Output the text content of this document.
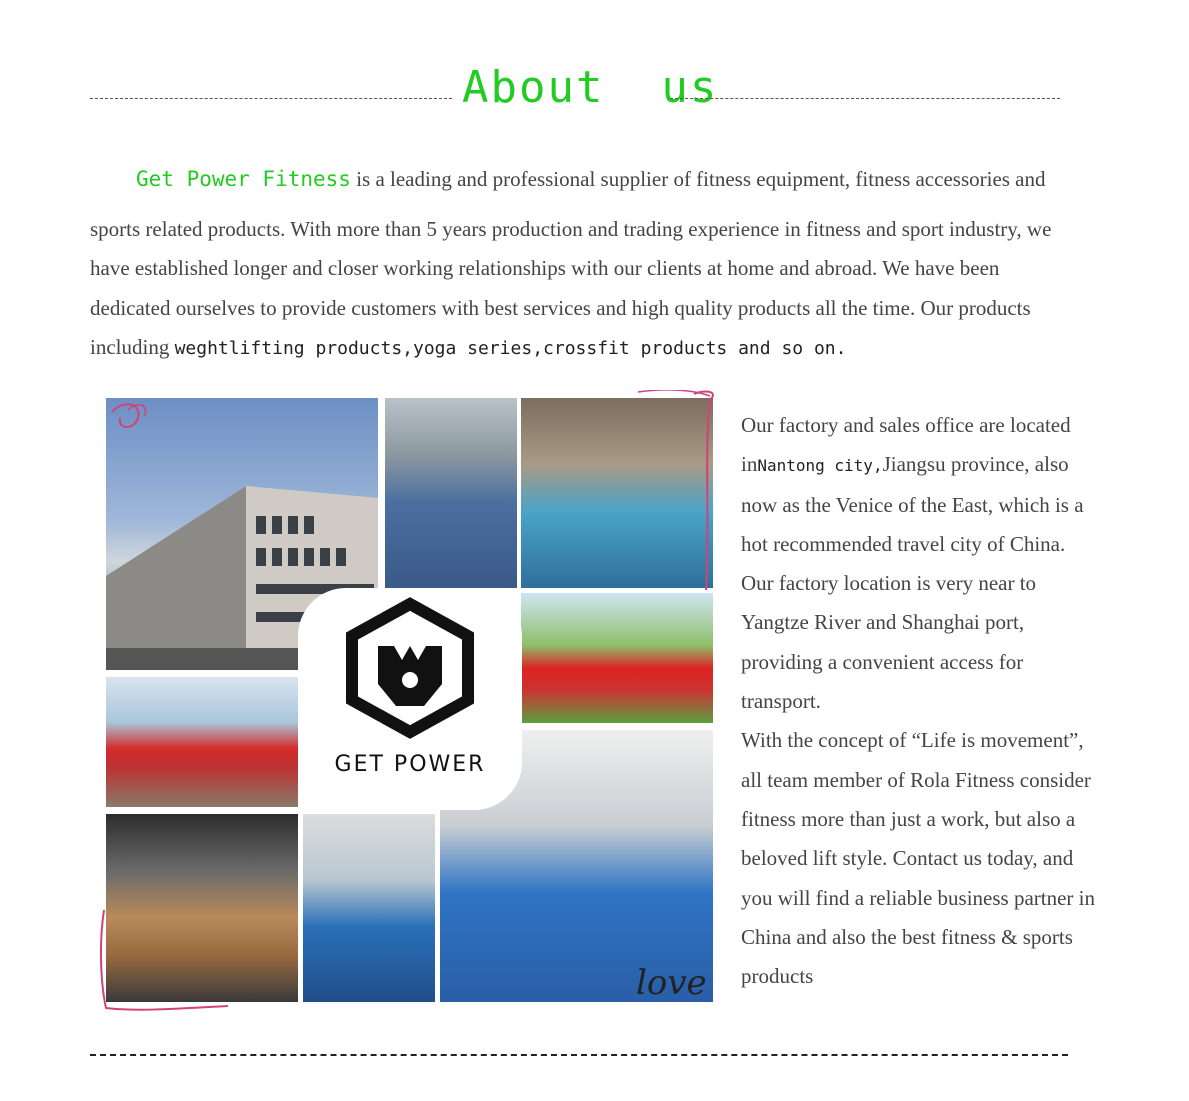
About  us
Get Power Fitness is a leading and professional supplier of fitness equipment, fitness accessories and
sports related products. With more than 5 years production and trading experience in fitness and sport industry, we have established longer and closer working relationships with our clients at home and abroad. We have been dedicated ourselves to provide customers with best services and high quality products all the time. Our products including weghtlifting products,yoga series,crossfit products and so on.
GET POWER
love

Our factory and sales office are located inNantong city,Jiangsu province, also now as the Venice of the East, which is a hot recommended travel city of China. Our factory location is very near to Yangtze River and Shanghai port, providing a convenient access for transport.

With the concept of “Life is movement”, all team member of Rola Fitness consider fitness more than just a work, but also a beloved lift style. Contact us today, and you will find a reliable business partner in China and also the best fitness & sports products
